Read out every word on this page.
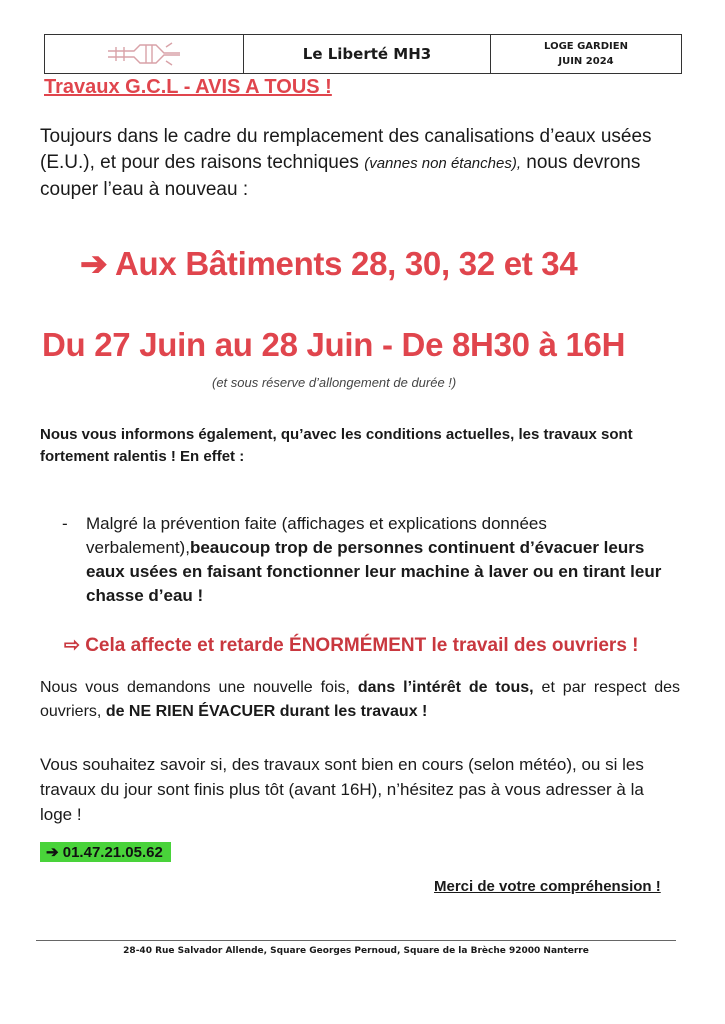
Le Liberté MH3	LOGE GARDIEN
JUIN 2024
Travaux G.C.L - AVIS A TOUS !

Toujours dans le cadre du remplacement des canalisations d’eaux usées (E.U.), et pour des raisons techniques (vannes non étanches), nous devrons couper l’eau à nouveau :

➔ Aux Bâtiments 28, 30, 32 et 34
Du 27 Juin au 28 Juin - De 8H30 à 16H
(et sous réserve d’allongement de durée !)

Nous vous informons également, qu’avec les conditions actuelles, les travaux sont fortement ralentis ! En effet :

-	Malgré la prévention faite (affichages et explications données verbalement),beaucoup trop de personnes continuent d’évacuer leurs eaux usées en faisant fonctionner leur machine à laver ou en tirant leur chasse d’eau !
⇨ Cela affecte et retarde ÉNORMÉMENT le travail des ouvriers !

Nous vous demandons une nouvelle fois, dans l’intérêt de tous, et par respect des ouvriers, de NE RIEN ÉVACUER durant les travaux !

Vous souhaitez savoir si, des travaux sont bien en cours (selon météo), ou si les travaux du jour sont finis plus tôt (avant 16H), n’hésitez pas à vous adresser à la loge !

➔ 01.47.21.05.62
Merci de votre compréhension !
28-40 Rue Salvador Allende, Square Georges Pernoud, Square de la Brèche 92000 Nanterre
